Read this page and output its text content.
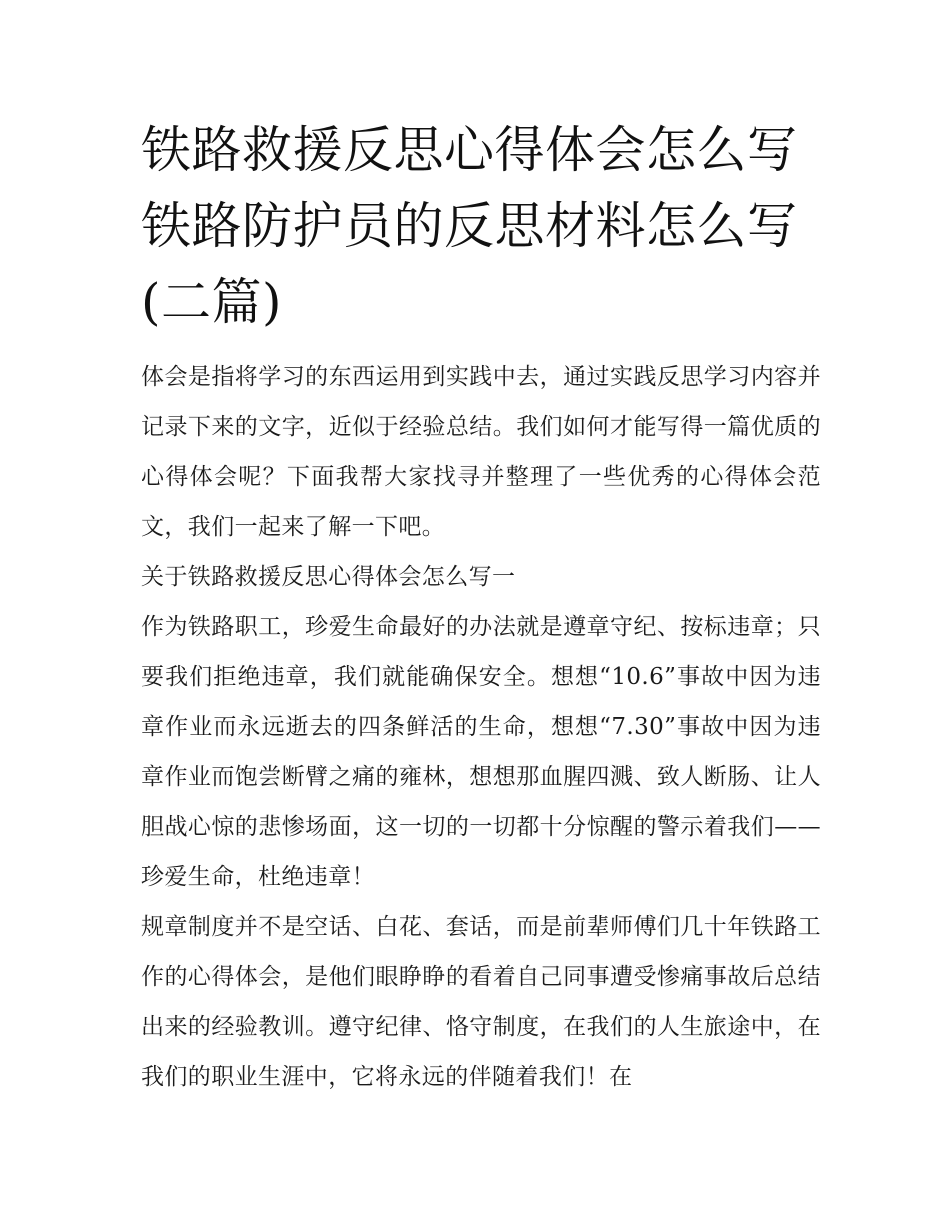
铁路救援反思心得体会怎么写
铁路防护员的反思材料怎么写
(二篇)

体会是指将学习的东西运用到实践中去，通过实践反思学习内容并记录下来的文字，近似于经验总结。我们如何才能写得一篇优质的心得体会呢？下面我帮大家找寻并整理了一些优秀的心得体会范文，我们一起来了解一下吧。

关于铁路救援反思心得体会怎么写一

作为铁路职工，珍爱生命最好的办法就是遵章守纪、按标违章；只要我们拒绝违章，我们就能确保安全。想想“10.6”事故中因为违章作业而永远逝去的四条鲜活的生命，想想“7.30”事故中因为违章作业而饱尝断臂之痛的雍林，想想那血腥四溅、致人断肠、让人胆战心惊的悲惨场面，这一切的一切都十分惊醒的警示着我们——珍爱生命，杜绝违章！

规章制度并不是空话、白花、套话，而是前辈师傅们几十年铁路工作的心得体会，是他们眼睁睁的看着自己同事遭受惨痛事故后总结出来的经验教训。遵守纪律、恪守制度，在我们的人生旅途中，在我们的职业生涯中，它将永远的伴随着我们！在
